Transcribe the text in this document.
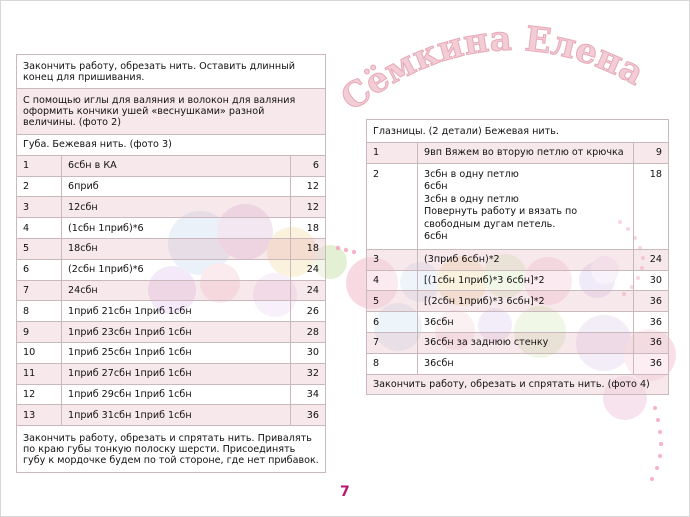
Сёмкина Елена
Закончить работу, обрезать нить. Оставить длинный конец для пришивания.		
С помощью иглы для валяния и волокон для валяния оформить кончики ушей «веснушками» разной величины. (фото 2)		
Губа. Бежевая нить. (фото 3)		
1	6сбн в КА	6
2	6приб	12
3	12сбн	12
4	(1сбн 1приб)*6	18
5	18сбн	18
6	(2сбн 1приб)*6	24
7	24сбн	24
8	1приб 21сбн 1приб 1сбн	26
9	1приб 23сбн 1приб 1сбн	28
10	1приб 25сбн 1приб 1сбн	30
11	1приб 27сбн 1приб 1сбн	32
12	1приб 29сбн 1приб 1сбн	34
13	1приб 31сбн 1приб 1сбн	36
Закончить работу, обрезать и спрятать нить. Привалять по краю губы тонкую полоску шерсти. Присоединять губу к мордочке будем по той стороне, где нет прибавок.		
Глазницы. (2 детали) Бежевая нить.		
1	9вп Вяжем во вторую петлю от крючка	9
2	3сбн в одну петлю
6сбн
3сбн в одну петлю
Повернуть работу и вязать по свободным дугам петель.
6сбн	18
3	(3приб 6сбн)*2	24
4	[(1сбн 1приб)*3 6сбн]*2	30
5	[(2сбн 1приб)*3 6сбн]*2	36
6	36сбн	36
7	36сбн за заднюю стенку	36
8	36сбн	36
Закончить работу, обрезать и спрятать нить. (фото 4)		
7
